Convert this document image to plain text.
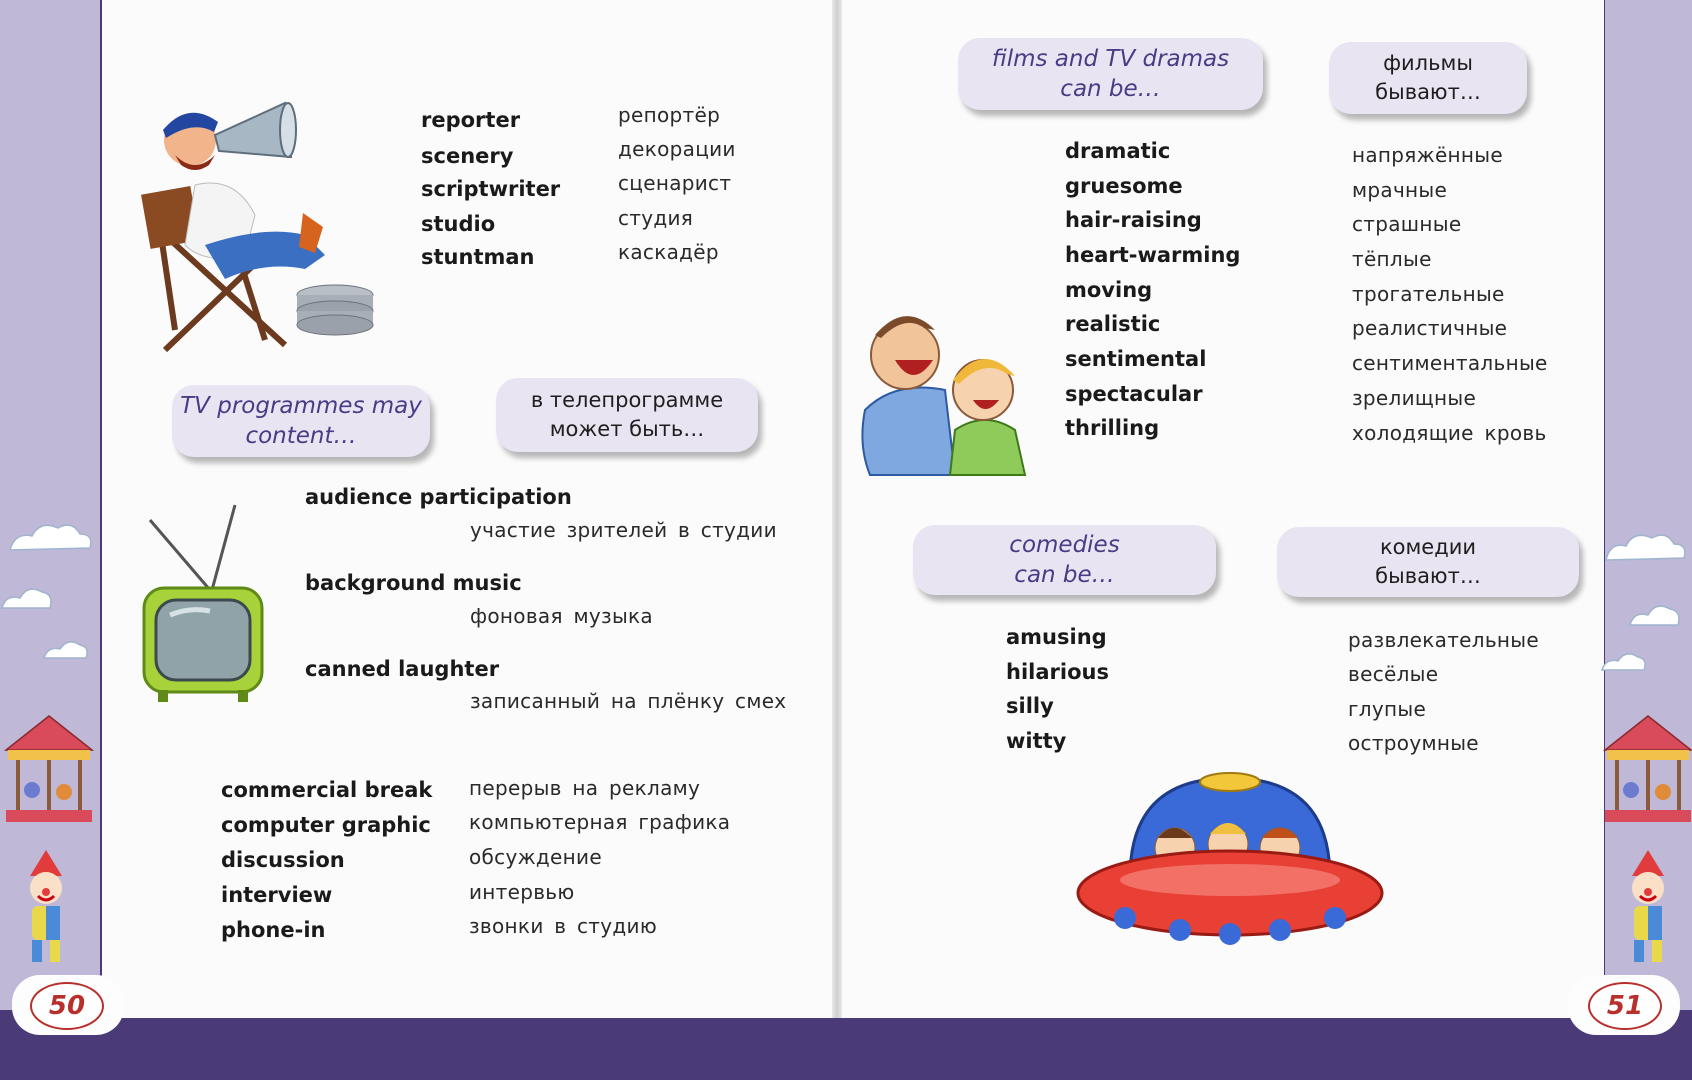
reporter	репортёр
scenery	декорации
scriptwriter	сценарист
studio	студия
stuntman	каскадёр
TV programmes may
content…
в телепрограмме
может быть…
audience participation
участие зрителей в студии
background music
фоновая музыка
canned laughter
записанный на плёнку смех
commercial break перерыв на рекламу
computer graphic компьютерная графика
discussion	обсуждение
interview	интервью
phone-in	звонки в студию
films and TV dramas
can be…
фильмы
бывают…
dramatic	напряжённые
gruesome	мрачные
hair-raising	страшные
heart-warming	тёплые
moving	трогательные
realistic	реалистичные
sentimental	сентиментальные
spectacular	зрелищные
thrilling	холодящие кровь
comedies
can be…
комедии
бывают…
amusing	развлекательные
hilarious	весёлые
silly	глупые
witty	остроумные
50	51
